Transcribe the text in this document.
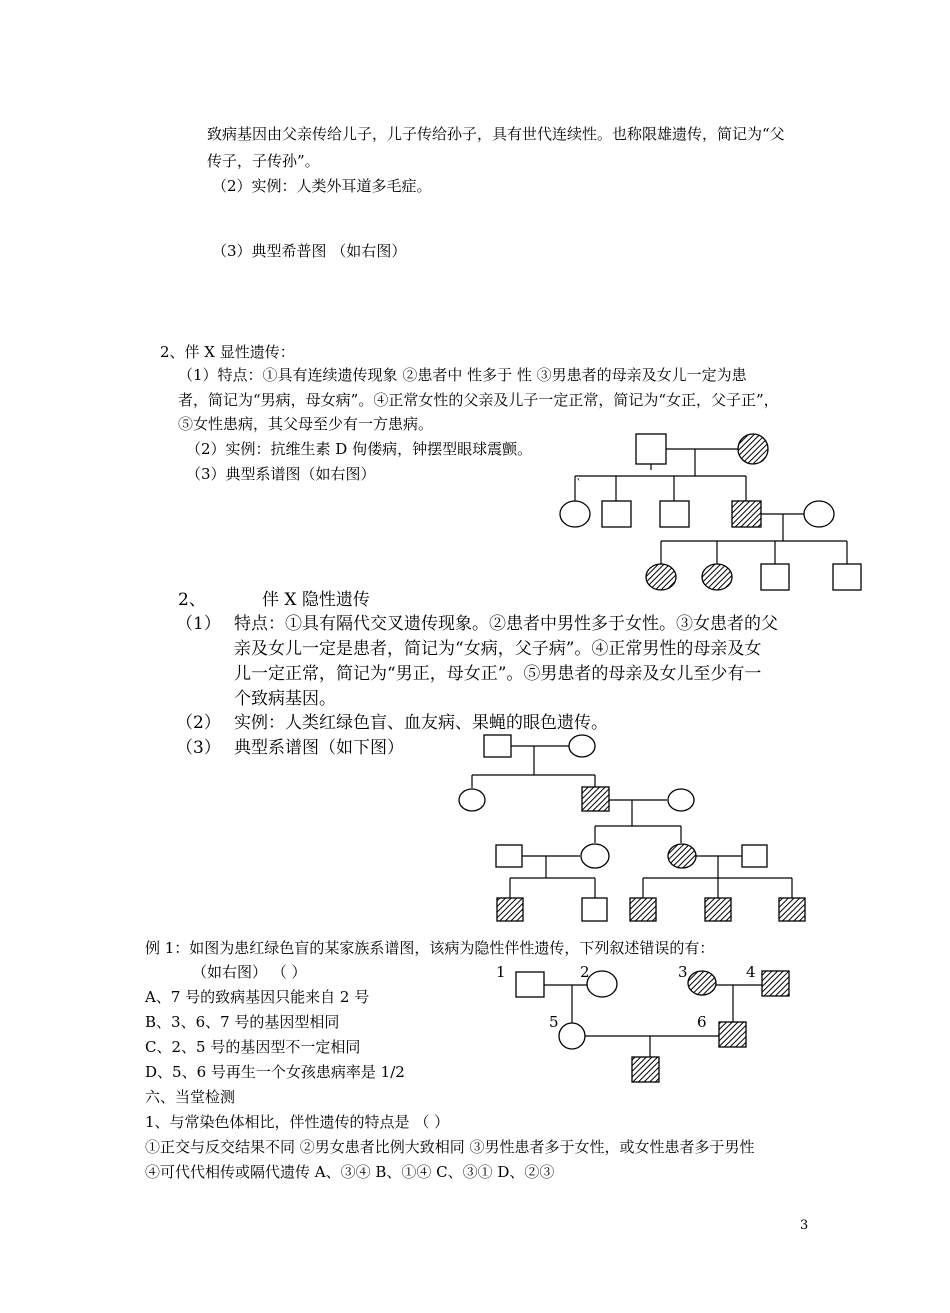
致病基因由父亲传给儿子，儿子传给孙子，具有世代连续性。也称限雄遗传，简记为“父
传子，子传孙”。
（2）实例：人类外耳道多毛症。
（3）典型希普图 （如右图）
2、伴 X 显性遗传：
（1）特点：①具有连续遗传现象 ②患者中 性多于 性 ③男患者的母亲及女儿一定为患
者，简记为“男病，母女病”。④正常女性的父亲及儿子一定正常，简记为“女正，父子正”，
⑤女性患病，其父母至少有一方患病。
（2）实例：抗维生素 D 佝偻病，钟摆型眼球震颤。
（3）典型系谱图（如右图）
`
2、	伴 X 隐性遗传
（1） 特点：①具有隔代交叉遗传现象。②患者中男性多于女性。③女患者的父
亲及女儿一定是患者，简记为“女病，父子病”。④正常男性的母亲及女
儿一定正常，简记为“男正，母女正”。⑤男患者的母亲及女儿至少有一
个致病基因。
（2） 实例：人类红绿色盲、血友病、果蝇的眼色遗传。
（3） 典型系谱图（如下图）
例 1：如图为患红绿色盲的某家族系谱图，该病为隐性伴性遗传，下列叙述错误的有：
（如右图） （ ）
A、7 号的致病基因只能来自 2 号
B、3、6、7 号的基因型相同
C、2、5 号的基因型不一定相同
D、5、6 号再生一个女孩患病率是 1/2
六、当堂检测
1、与常染色体相比，伴性遗传的特点是 （ ）
①正交与反交结果不同 ②男女患者比例大致相同 ③男性患者多于女性，或女性患者多于男性
④可代代相传或隔代遗传 A、③④ B、①④ C、③① D、②③
3
1	2	3	4
5	6
